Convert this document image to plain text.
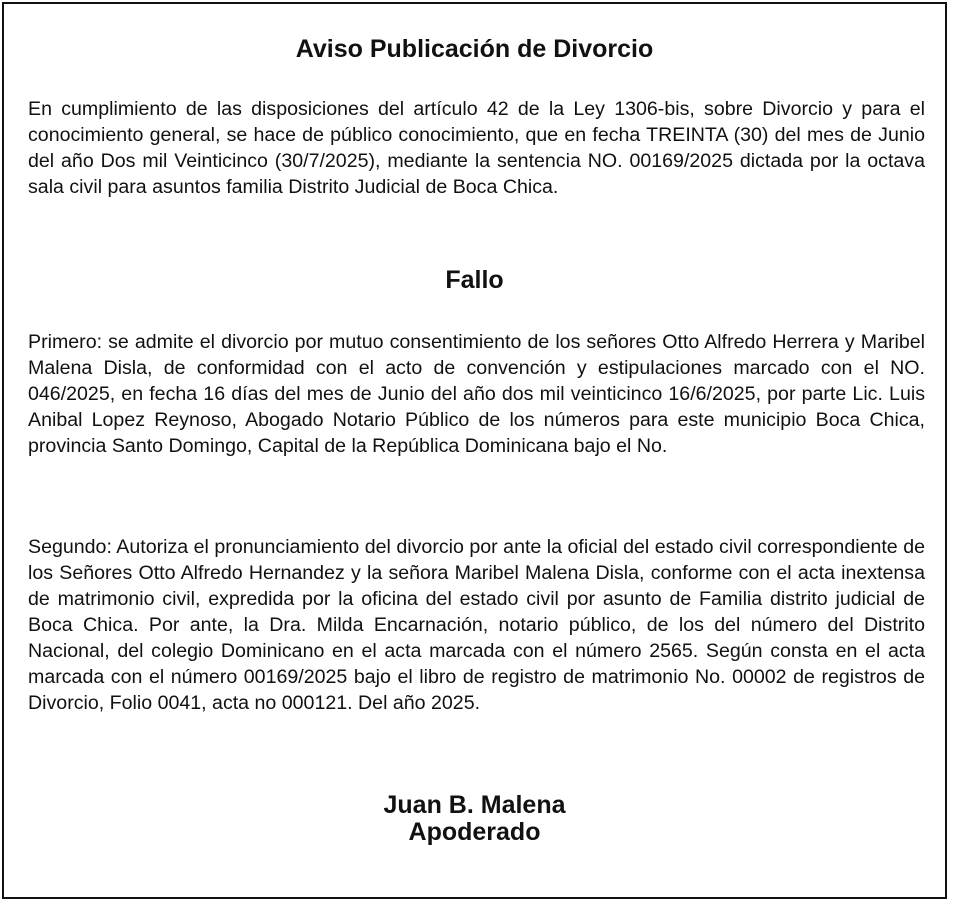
Aviso Publicación de Divorcio

En cumplimiento de las disposiciones del artículo 42 de la Ley 1306-bis, sobre Divorcio y para el conocimiento general, se hace de público conocimiento, que en fecha TREINTA (30) del mes de Junio del año Dos mil Veinticinco (30/7/2025), mediante la sentencia NO. 00169/2025 dictada por la octava sala civil para asuntos familia Distrito Judicial de Boca Chica.

Fallo

Primero: se admite el divorcio por mutuo consentimiento de los señores Otto Alfredo Herrera y Maribel Malena Disla, de conformidad con el acto de convención y estipulaciones marcado con el NO. 046/2025, en fecha 16 días del mes de Junio del año dos mil veinticinco 16/6/2025, por parte Lic. Luis Anibal Lopez Reynoso, Abogado Notario Público de los números para este municipio Boca Chica, provincia Santo Domingo, Capital de la República Dominicana bajo el No.

Segundo: Autoriza el pronunciamiento del divorcio por ante la oficial del estado civil correspondiente de los Señores Otto Alfredo Hernandez y la señora Maribel Malena Disla, conforme con el acta inextensa de matrimonio civil, expredida por la oficina del estado civil por asunto de Familia distrito judicial de Boca Chica. Por ante, la Dra. Milda Encarnación, notario público, de los del número del Distrito Nacional, del colegio Dominicano en el acta marcada con el número 2565. Según consta en el acta marcada con el número 00169/2025 bajo el libro de registro de matrimonio No. 00002 de registros de Divorcio, Folio 0041, acta no 000121. Del año 2025.

Juan B. Malena

Apoderado
